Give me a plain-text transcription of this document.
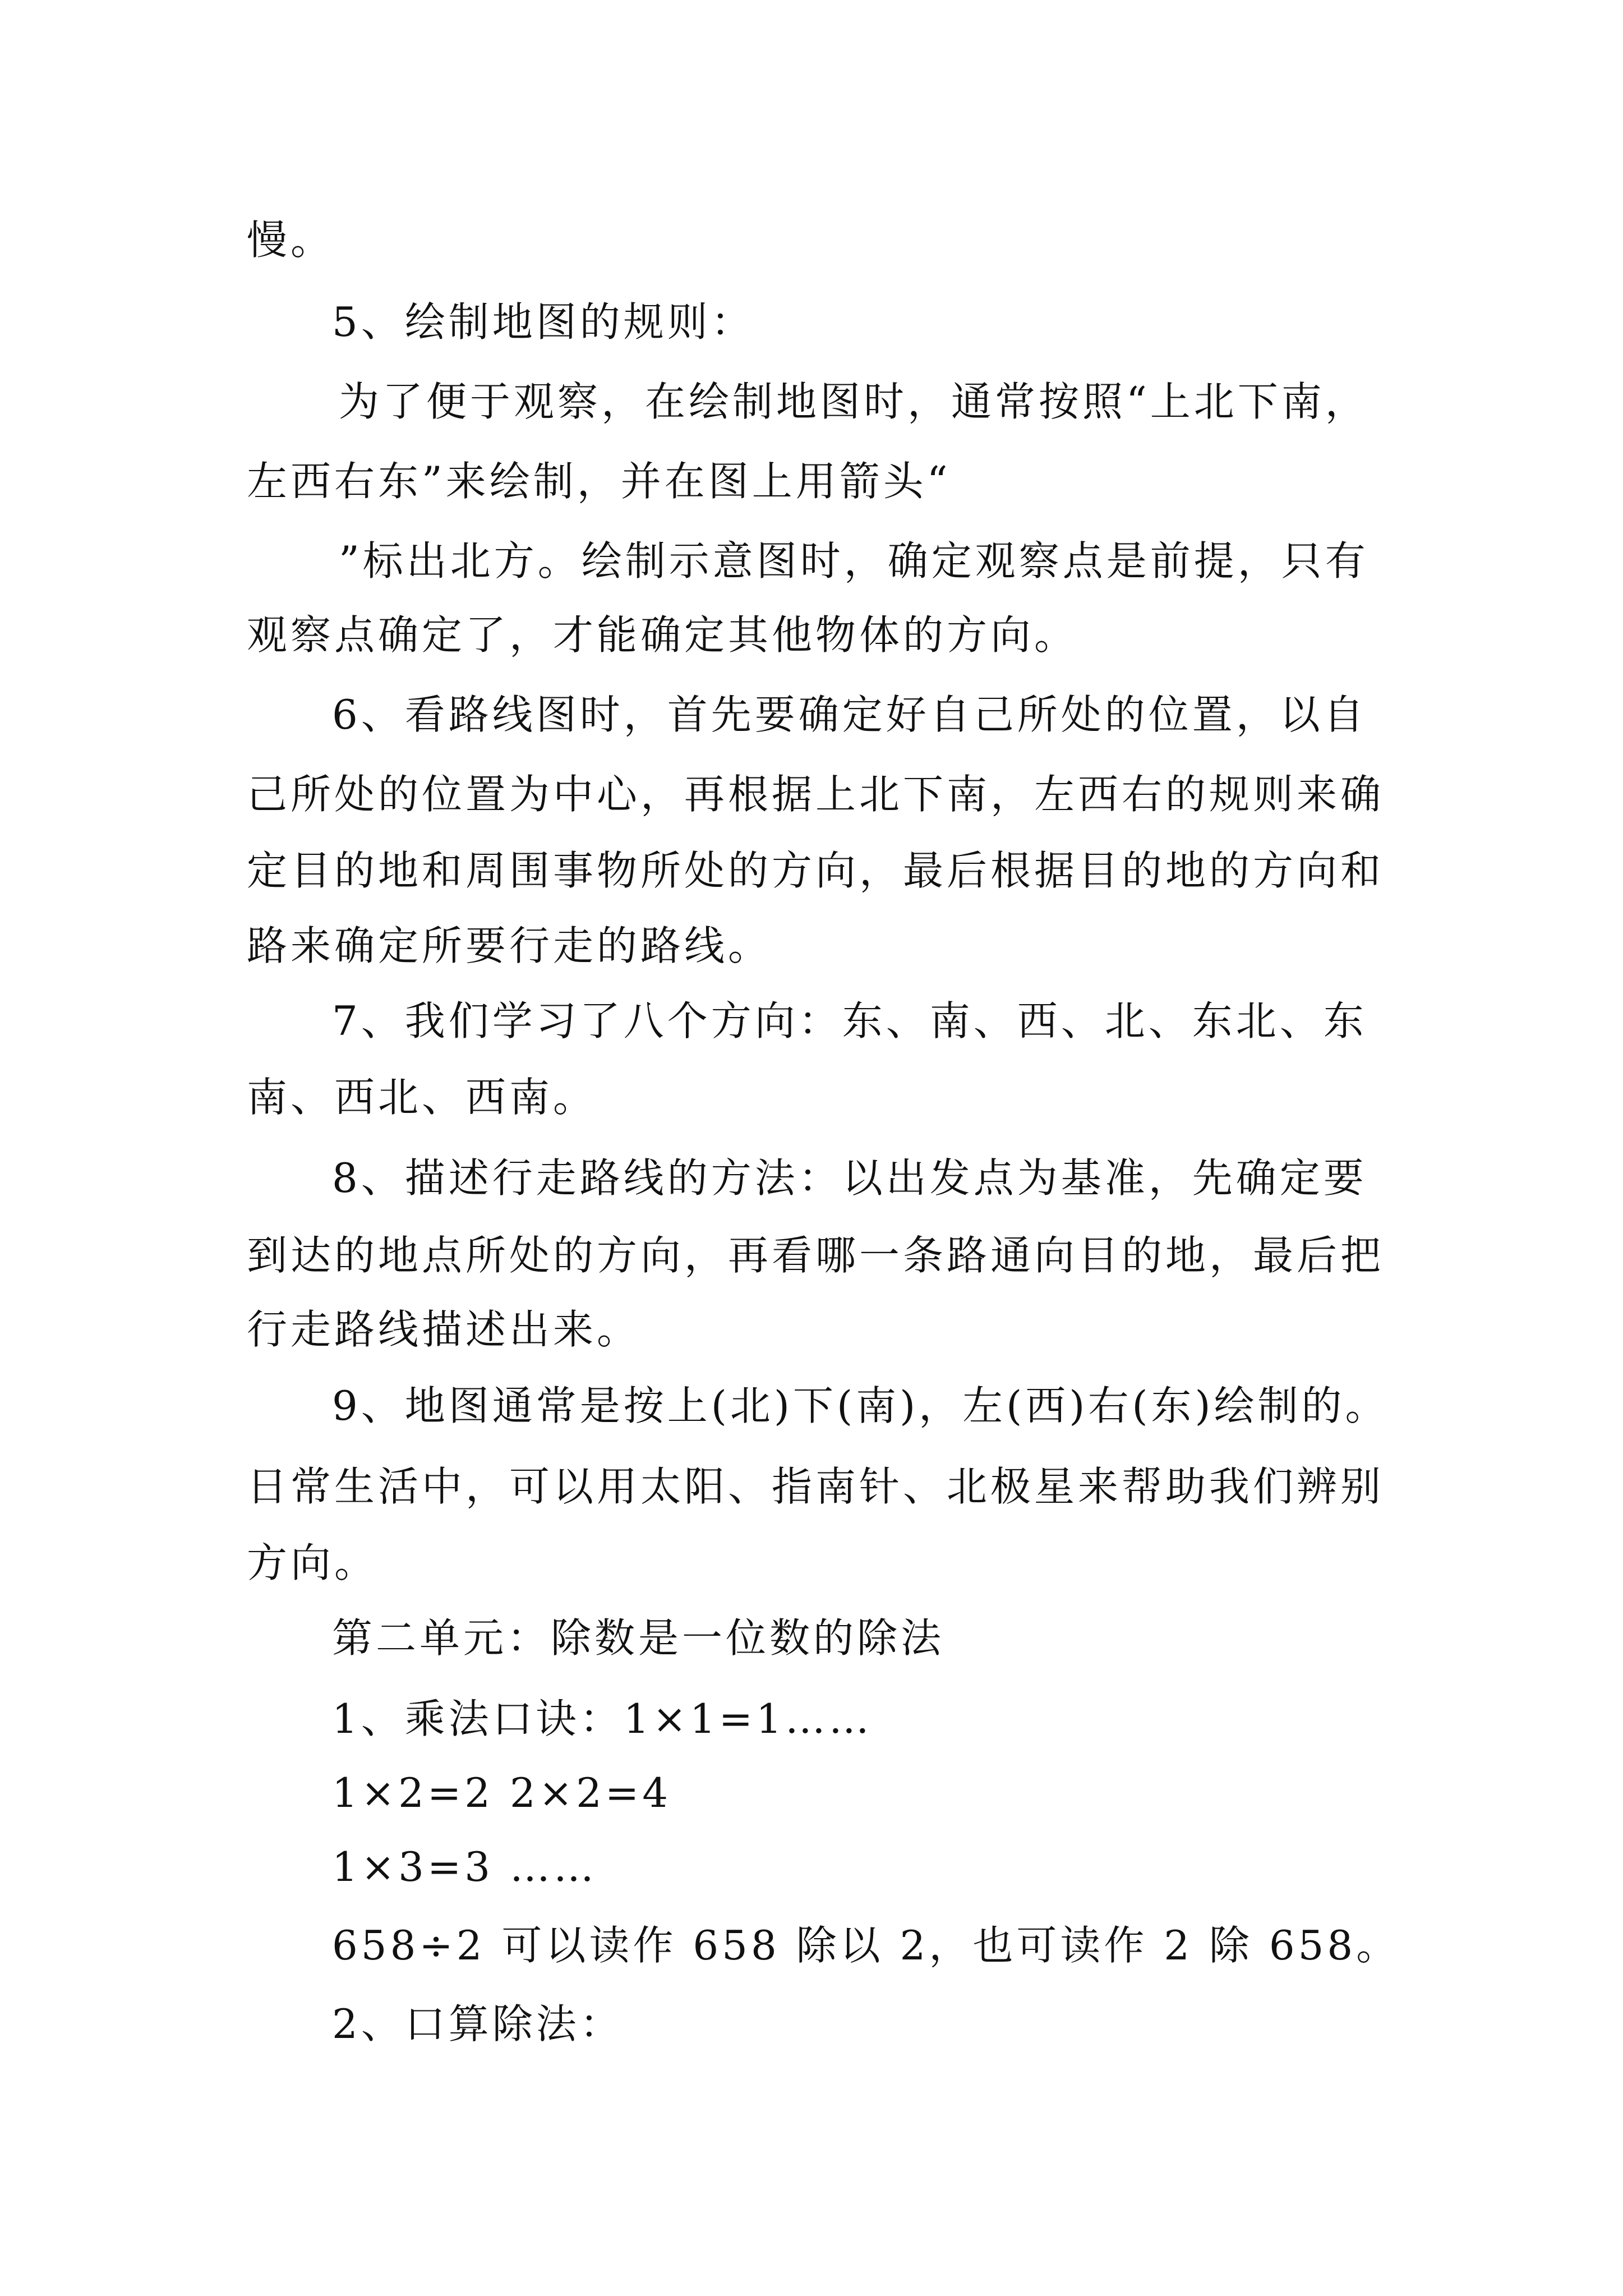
慢。
5、绘制地图的规则：
为了便于观察，在绘制地图时，通常按照“上北下南，
左西右东”来绘制，并在图上用箭头“
”标出北方。绘制示意图时，确定观察点是前提，只有
观察点确定了，才能确定其他物体的方向。
6、看路线图时，首先要确定好自己所处的位置，以自
己所处的位置为中心，再根据上北下南，左西右的规则来确
定目的地和周围事物所处的方向，最后根据目的地的方向和
路来确定所要行走的路线。
7、我们学习了八个方向：东、南、西、北、东北、东
南、西北、西南。
8、描述行走路线的方法：以出发点为基准，先确定要
到达的地点所处的方向，再看哪一条路通向目的地，最后把
行走路线描述出来。
9、地图通常是按上(北)下(南)，左(西)右(东)绘制的。
日常生活中，可以用太阳、指南针、北极星来帮助我们辨别
方向。
第二单元：除数是一位数的除法
1、乘法口诀：1×1=1……
1×2=2 2×2=4
1×3=3 ……
658÷2 可以读作 658 除以 2，也可读作 2 除 658。
2、口算除法：
